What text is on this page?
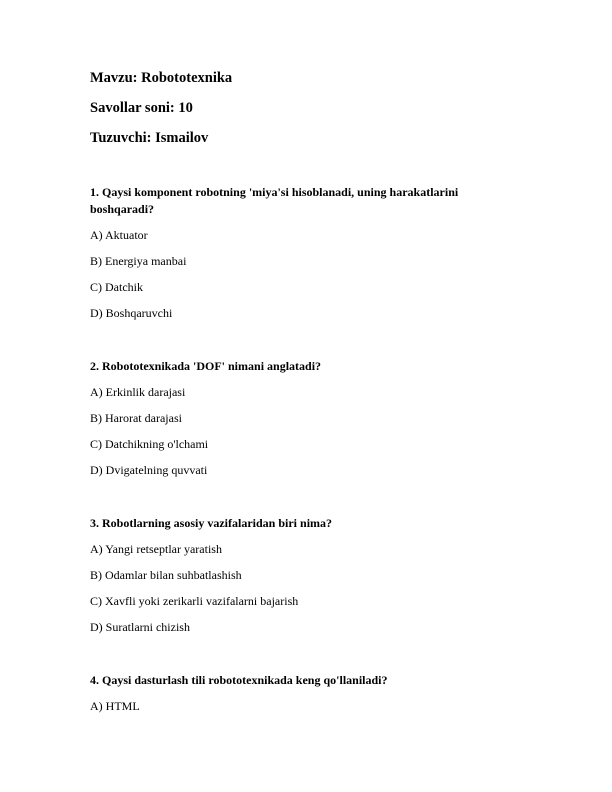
Mavzu: Robototexnika

Savollar soni: 10

Tuzuvchi: Ismailov

1. Qaysi komponent robotning 'miya'si hisoblanadi, uning harakatlarini boshqaradi?

A) Aktuator

B) Energiya manbai

C) Datchik

D) Boshqaruvchi

2. Robototexnikada 'DOF' nimani anglatadi?

A) Erkinlik darajasi

B) Harorat darajasi

C) Datchikning o'lchami

D) Dvigatelning quvvati

3. Robotlarning asosiy vazifalaridan biri nima?

A) Yangi retseptlar yaratish

B) Odamlar bilan suhbatlashish

C) Xavfli yoki zerikarli vazifalarni bajarish

D) Suratlarni chizish

4. Qaysi dasturlash tili robototexnikada keng qo'llaniladi?

A) HTML
